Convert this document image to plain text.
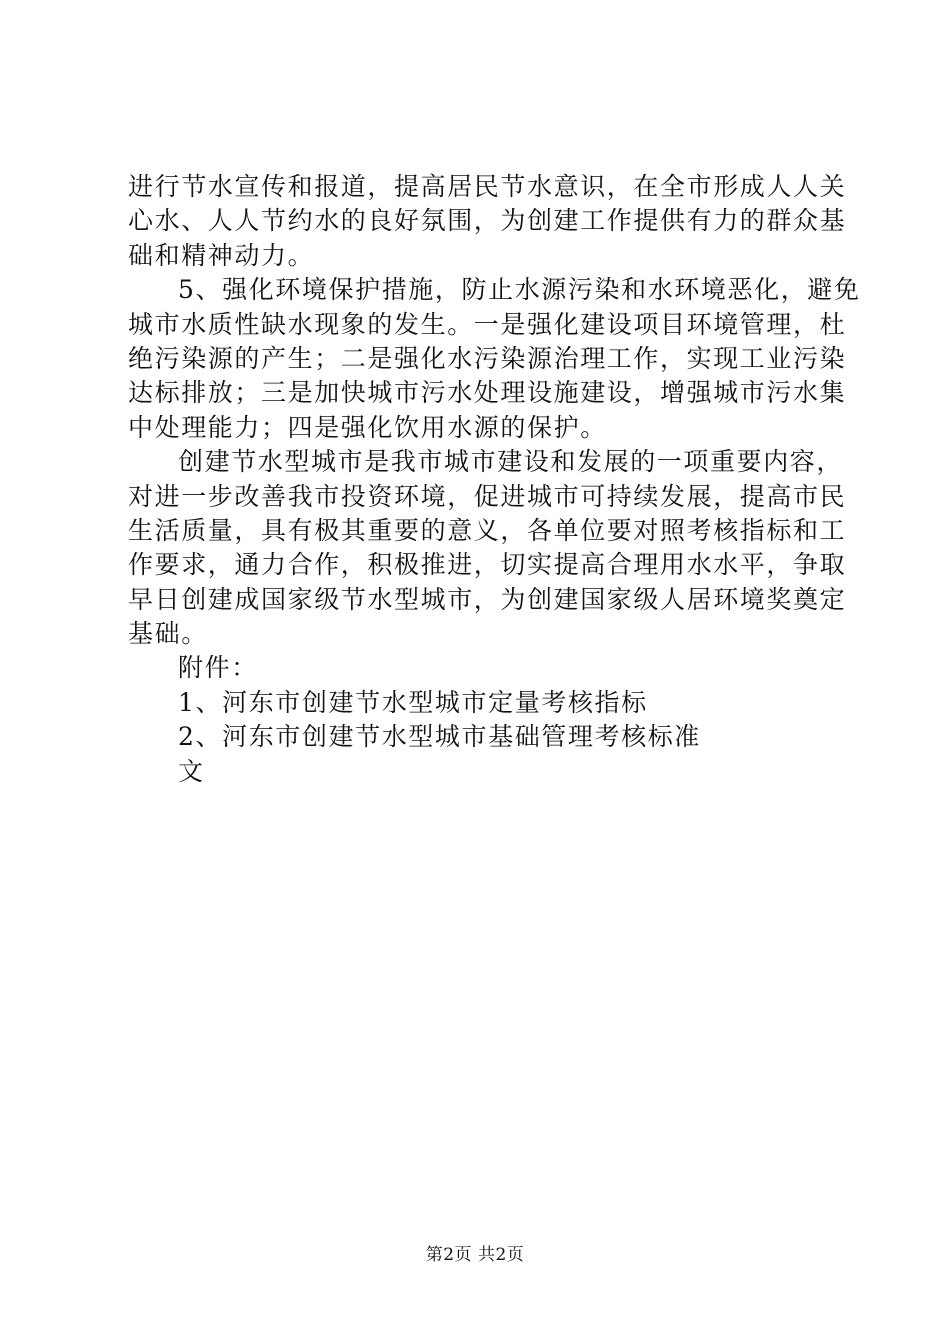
进行节水宣传和报道，提高居民节水意识，在全市形成人人关
心水、人人节约水的良好氛围，为创建工作提供有力的群众基
础和精神动力。
5、强化环境保护措施，防止水源污染和水环境恶化，避免
城市水质性缺水现象的发生。一是强化建设项目环境管理，杜
绝污染源的产生；二是强化水污染源治理工作，实现工业污染
达标排放；三是加快城市污水处理设施建设，增强城市污水集
中处理能力；四是强化饮用水源的保护。
创建节水型城市是我市城市建设和发展的一项重要内容，
对进一步改善我市投资环境，促进城市可持续发展，提高市民
生活质量，具有极其重要的意义，各单位要对照考核指标和工
作要求，通力合作，积极推进，切实提高合理用水水平，争取
早日创建成国家级节水型城市，为创建国家级人居环境奖奠定
基础。
附件：
1、河东市创建节水型城市定量考核指标
2、河东市创建节水型城市基础管理考核标准
文
第2页 共2页
